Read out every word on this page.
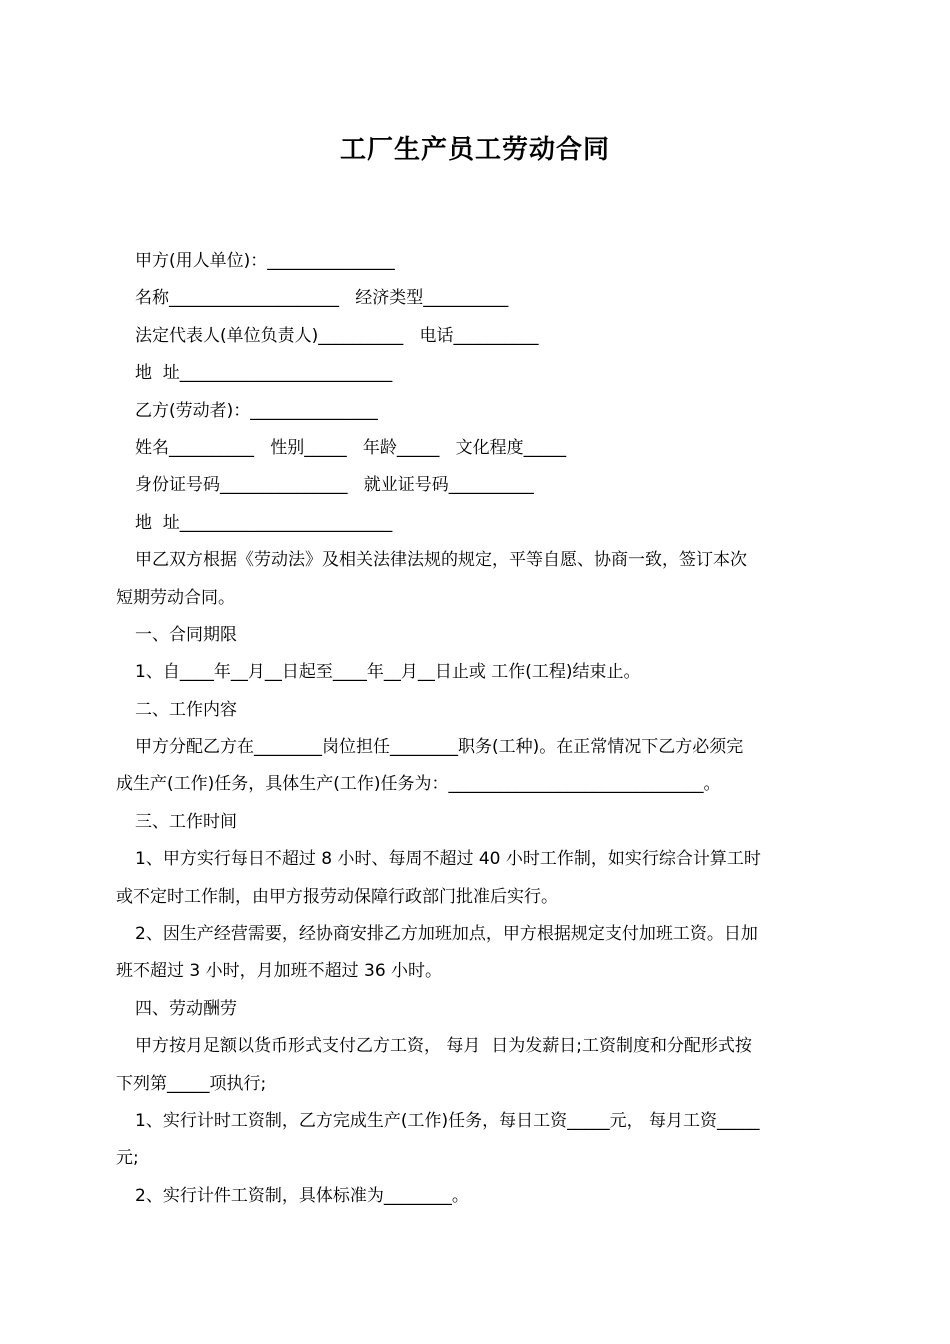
工厂生产员工劳动合同
甲方(用人单位)：_______________
名称____________________   经济类型__________
法定代表人(单位负责人)__________   电话__________
地  址_________________________
乙方(劳动者)：_______________
姓名__________   性别_____   年龄_____   文化程度_____
身份证号码_______________   就业证号码__________
地  址_________________________
甲乙双方根据《劳动法》及相关法律法规的规定，平等自愿、协商一致，签订本次
短期劳动合同。
一、合同期限
1、自____年__月__日起至____年__月__日止或 工作(工程)结束止。
二、工作内容
甲方分配乙方在________岗位担任________职务(工种)。在正常情况下乙方必须完
成生产(工作)任务，具体生产(工作)任务为：______________________________。
三、工作时间
1、甲方实行每日不超过 8 小时、每周不超过 40 小时工作制，如实行综合计算工时
或不定时工作制，由甲方报劳动保障行政部门批准后实行。
2、因生产经营需要，经协商安排乙方加班加点，甲方根据规定支付加班工资。日加
班不超过 3 小时，月加班不超过 36 小时。
四、劳动酬劳
甲方按月足额以货币形式支付乙方工资， 每月  日为发薪日;工资制度和分配形式按
下列第_____项执行;
1、实行计时工资制，乙方完成生产(工作)任务，每日工资_____元， 每月工资_____
元;
2、实行计件工资制，具体标准为________。
